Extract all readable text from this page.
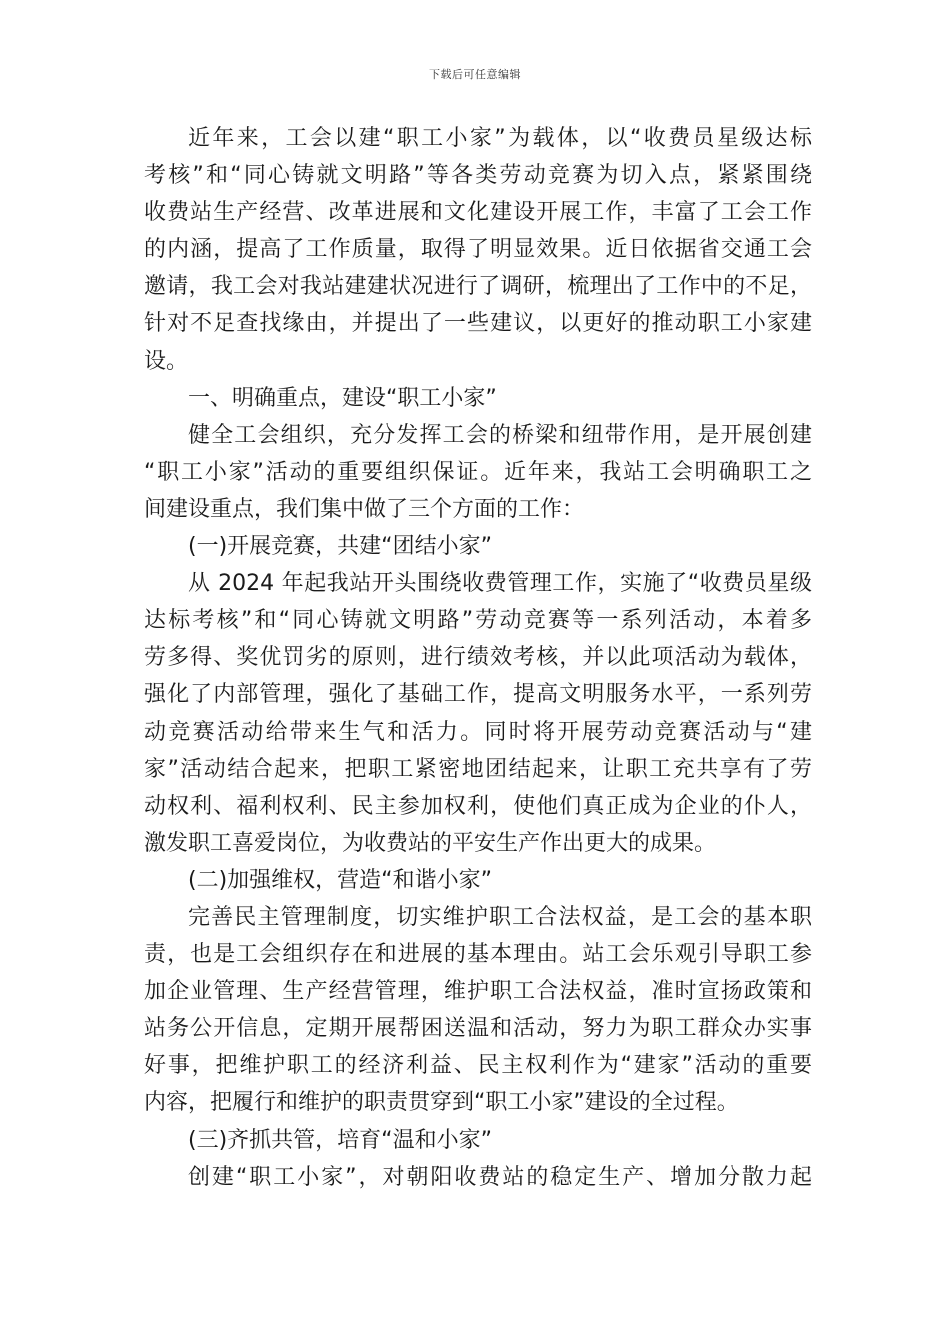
下载后可任意编辑
近年来，工会以建“职工小家”为载体，以“收费员星级达标
考核”和“同心铸就文明路”等各类劳动竞赛为切入点，紧紧围绕
收费站生产经营、改革进展和文化建设开展工作，丰富了工会工作
的内涵，提高了工作质量，取得了明显效果。近日依据省交通工会
邀请，我工会对我站建建状况进行了调研，梳理出了工作中的不足，
针对不足查找缘由，并提出了一些建议，以更好的推动职工小家建
设。
一、明确重点，建设“职工小家”
健全工会组织，充分发挥工会的桥梁和纽带作用，是开展创建
“职工小家”活动的重要组织保证。近年来，我站工会明确职工之
间建设重点，我们集中做了三个方面的工作：
(一)开展竞赛，共建“团结小家”
从 2024 年起我站开头围绕收费管理工作，实施了“收费员星级
达标考核”和“同心铸就文明路”劳动竞赛等一系列活动，本着多
劳多得、奖优罚劣的原则，进行绩效考核，并以此项活动为载体，
强化了内部管理，强化了基础工作，提高文明服务水平，一系列劳
动竞赛活动给带来生气和活力。同时将开展劳动竞赛活动与“建
家”活动结合起来，把职工紧密地团结起来，让职工充共享有了劳
动权利、福利权利、民主参加权利，使他们真正成为企业的仆人，
激发职工喜爱岗位，为收费站的平安生产作出更大的成果。
(二)加强维权，营造“和谐小家”
完善民主管理制度，切实维护职工合法权益，是工会的基本职
责，也是工会组织存在和进展的基本理由。站工会乐观引导职工参
加企业管理、生产经营管理，维护职工合法权益，准时宣扬政策和
站务公开信息，定期开展帮困送温和活动，努力为职工群众办实事
好事，把维护职工的经济利益、民主权利作为“建家”活动的重要
内容，把履行和维护的职责贯穿到“职工小家”建设的全过程。
(三)齐抓共管，培育“温和小家”
创建“职工小家”，对朝阳收费站的稳定生产、增加分散力起
